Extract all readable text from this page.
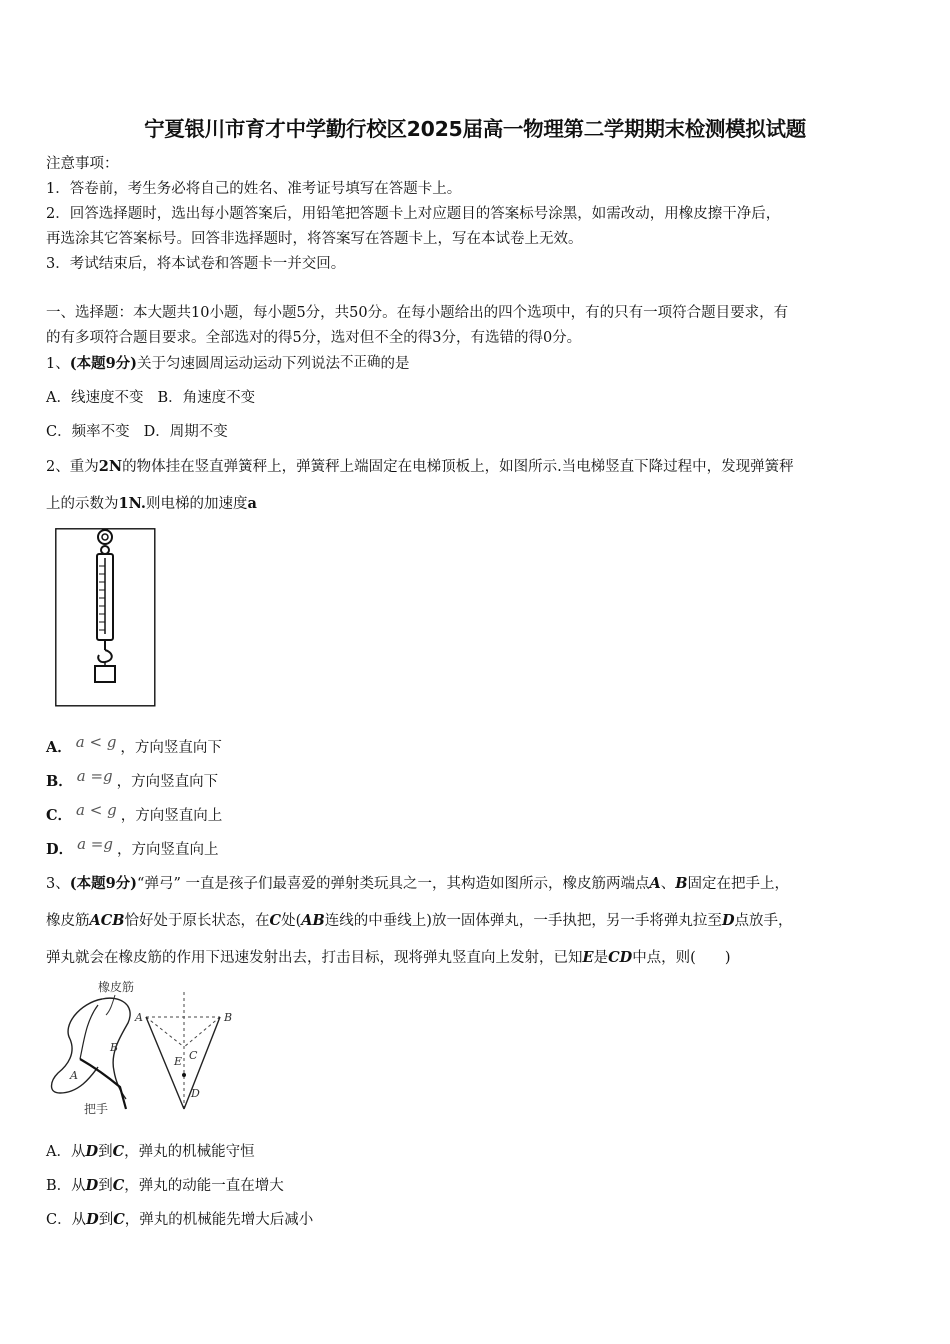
宁夏银川市育才中学勤行校区2025届高一物理第二学期期末检测模拟试题
注意事项：
1．答卷前，考生务必将自己的姓名、准考证号填写在答题卡上。
2．回答选择题时，选出每小题答案后，用铅笔把答题卡上对应题目的答案标号涂黑，如需改动，用橡皮擦干净后，
再选涂其它答案标号。回答非选择题时，将答案写在答题卡上，写在本试卷上无效。
3．考试结束后，将本试卷和答题卡一并交回。
一、选择题：本大题共10小题，每小题5分，共50分。在每小题给出的四个选项中，有的只有一项符合题目要求，有
的有多项符合题目要求。全部选对的得5分，选对但不全的得3分，有选错的得0分。
1、(本题9分)关于匀速圆周运动运动下列说法不正确的是
A．线速度不变 B．角速度不变
C．频率不变 D．周期不变
2、重为2N的物体挂在竖直弹簧秤上，弹簧秤上端固定在电梯顶板上，如图所示.当电梯竖直下降过程中，发现弹簧秤
上的示数为1N.则电梯的加速度a
A． a < g ，方向竖直向下
B． a =g ，方向竖直向下
C． a < g ，方向竖直向上
D． a =g ，方向竖直向上
3、(本题9分)“弹弓” 一直是孩子们最喜爱的弹射类玩具之一，其构造如图所示，橡皮筋两端点A、B固定在把手上，
橡皮筋ACB恰好处于原长状态，在C处(AB连线的中垂线上)放一固体弹丸，一手执把，另一手将弹丸拉至D点放手，
弹丸就会在橡皮筋的作用下迅速发射出去，打击目标，现将弹丸竖直向上发射，已知E是CD中点，则(　　)
橡皮筋
B
A
把手
A	B
C
E
D
A．从D到C，弹丸的机械能守恒
B．从D到C，弹丸的动能一直在增大
C．从D到C，弹丸的机械能先增大后减小
